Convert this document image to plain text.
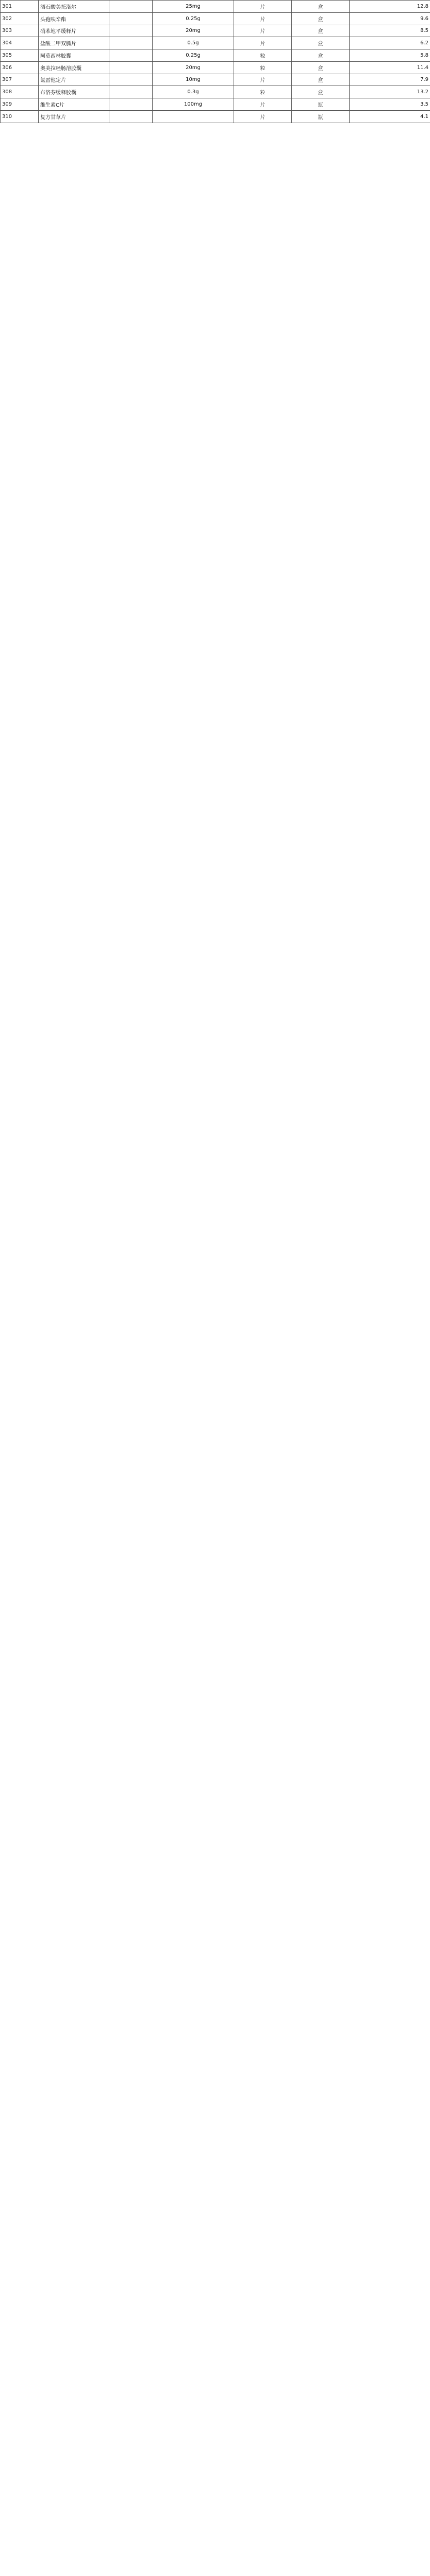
301	酒石酸美托洛尔		25mg	片	盒	12.8
302	头孢呋辛酯		0.25g	片	盒	9.6
303	硝苯地平缓释片		20mg	片	盒	8.5
304	盐酸二甲双胍片		0.5g	片	盒	6.2
305	阿莫西林胶囊		0.25g	粒	盒	5.8
306	奥美拉唑肠溶胶囊		20mg	粒	盒	11.4
307	氯雷他定片		10mg	片	盒	7.9
308	布洛芬缓释胶囊		0.3g	粒	盒	13.2
309	维生素C片		100mg	片	瓶	3.5
310	复方甘草片			片	瓶	4.1
